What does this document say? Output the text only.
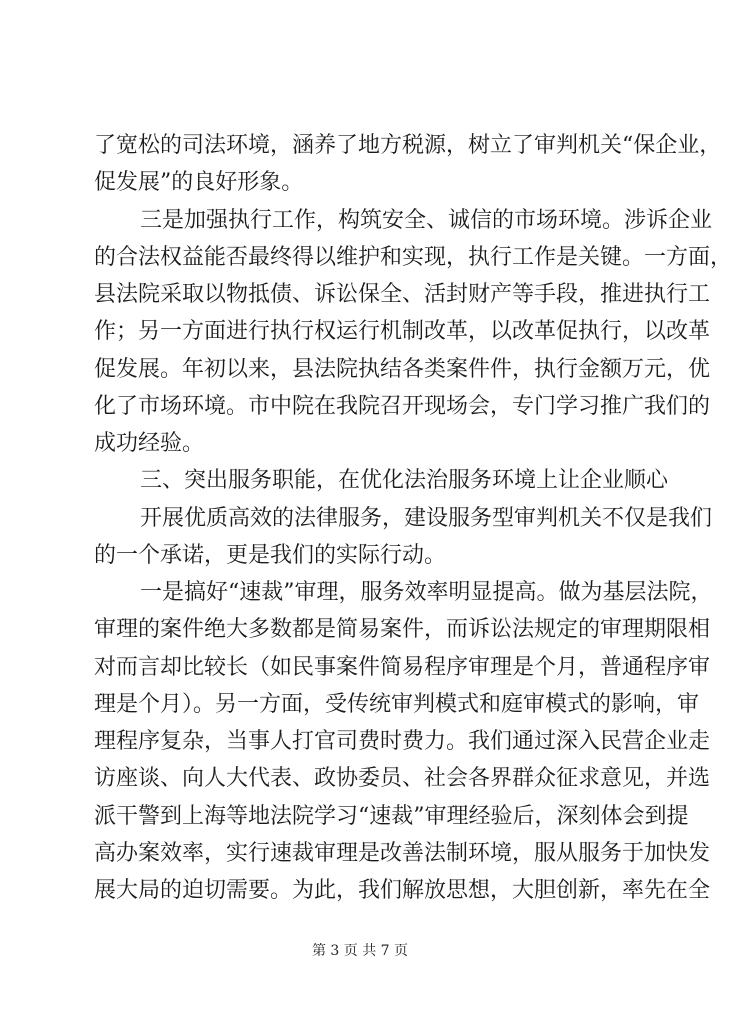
了宽松的司法环境，涵养了地方税源，树立了审判机关“保企业，
促发展”的良好形象。
三是加强执行工作，构筑安全、诚信的市场环境。涉诉企业
的合法权益能否最终得以维护和实现，执行工作是关键。一方面，
县法院采取以物抵债、诉讼保全、活封财产等手段，推进执行工
作；另一方面进行执行权运行机制改革，以改革促执行，以改革
促发展。年初以来，县法院执结各类案件件，执行金额万元，优
化了市场环境。市中院在我院召开现场会，专门学习推广我们的
成功经验。
三、突出服务职能，在优化法治服务环境上让企业顺心
开展优质高效的法律服务，建设服务型审判机关不仅是我们
的一个承诺，更是我们的实际行动。
一是搞好“速裁”审理，服务效率明显提高。做为基层法院，
审理的案件绝大多数都是简易案件，而诉讼法规定的审理期限相
对而言却比较长（如民事案件简易程序审理是个月，普通程序审
理是个月）。另一方面，受传统审判模式和庭审模式的影响，审
理程序复杂，当事人打官司费时费力。我们通过深入民营企业走
访座谈、向人大代表、政协委员、社会各界群众征求意见，并选
派干警到上海等地法院学习“速裁”审理经验后，深刻体会到提
高办案效率，实行速裁审理是改善法制环境，服从服务于加快发
展大局的迫切需要。为此，我们解放思想，大胆创新，率先在全
第 3 页 共 7 页
